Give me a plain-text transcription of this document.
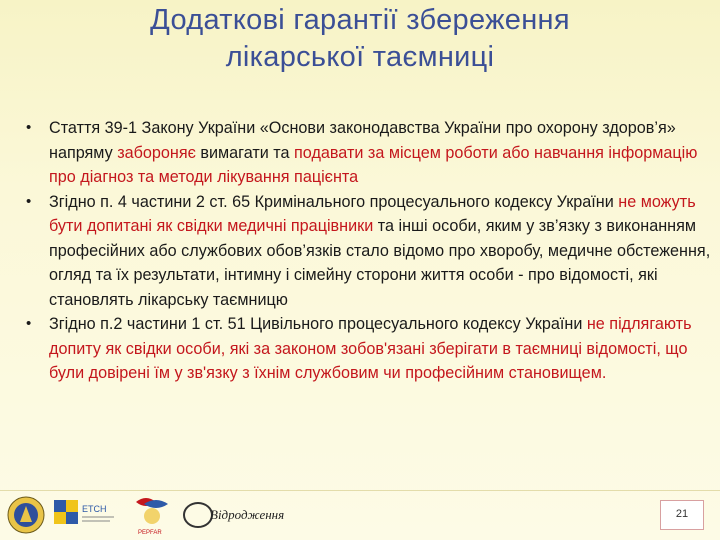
Додаткові гарантії збереження
лікарської таємниці
• Стаття 39-1 Закону України «Основи законодавства України про охорону здоров’я» напряму забороняє вимагати та подавати за місцем роботи або навчання інформацію про діагноз та методи лікування пацієнта
• Згідно п. 4 частини 2 ст. 65 Кримінального процесуального кодексу України не можуть бути допитані як свідки медичні працівники та інші особи, яким у зв’язку з виконанням професійних або службових обов’язків стало відомо про хворобу, медичне обстеження, огляд та їх результати, інтимну і сімейну сторони життя особи - про відомості, які становлять лікарську таємницю
• Згідно п.2 частини 1 ст. 51 Цивільного процесуального кодексу України не підлягають допиту як свідки особи, які за законом зобов'язані зберігати в таємниці відомості, що були довірені їм у зв'язку з їхнім службовим чи професійним становищем.
ЕТСН
PEPFAR
Відродження	21
